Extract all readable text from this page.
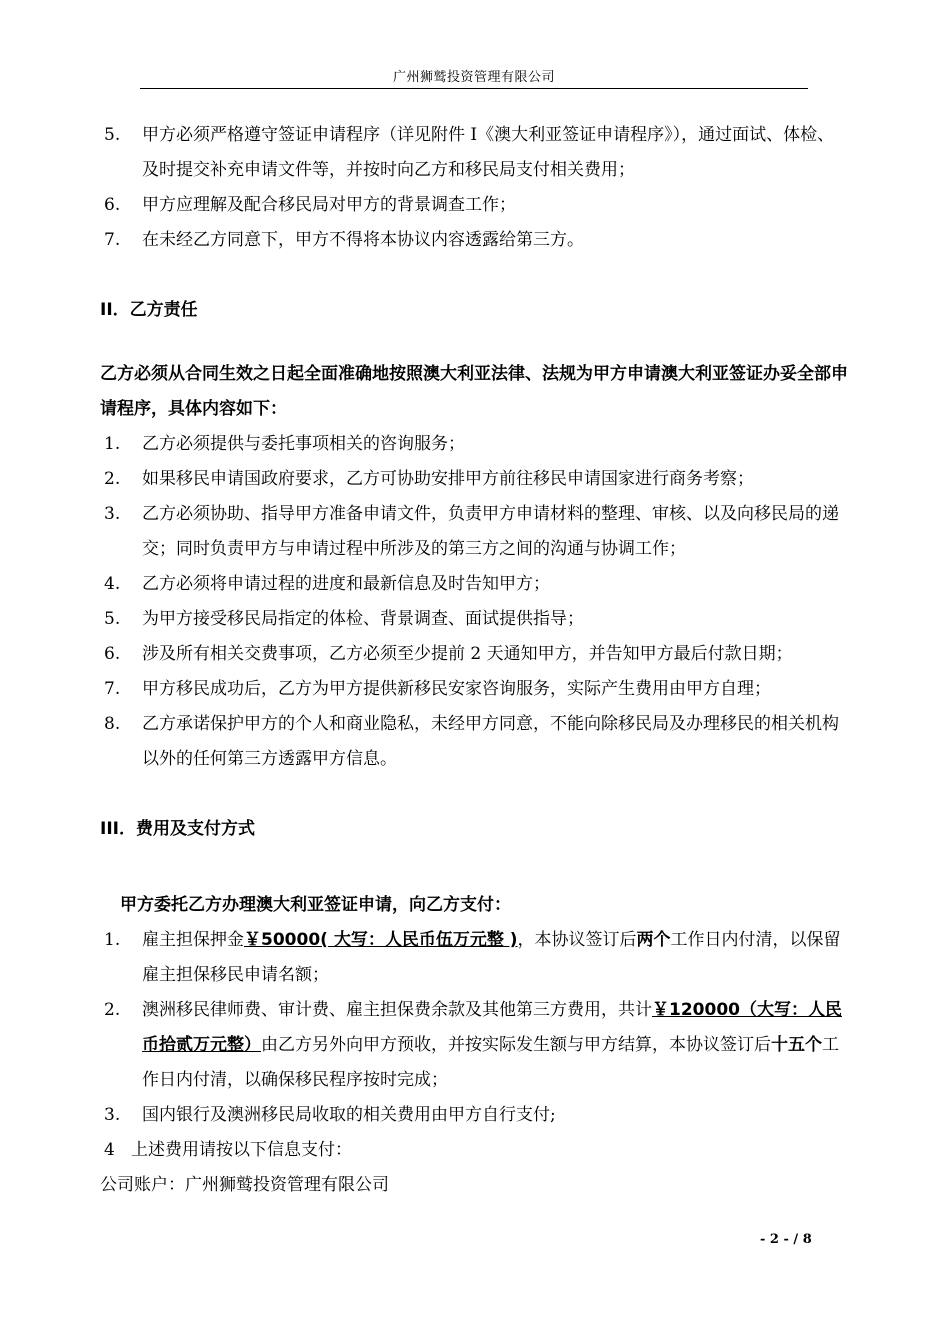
广州狮鹫投资管理有限公司
5. 甲方必须严格遵守签证申请程序（详见附件 I《澳大利亚签证申请程序》），通过面试、体检、及时提交补充申请文件等，并按时向乙方和移民局支付相关费用；
6. 甲方应理解及配合移民局对甲方的背景调查工作；
7. 在未经乙方同意下，甲方不得将本协议内容透露给第三方。
II．乙方责任
乙方必须从合同生效之日起全面准确地按照澳大利亚法律、法规为甲方申请澳大利亚签证办妥全部申请程序，具体内容如下：
1. 乙方必须提供与委托事项相关的咨询服务；
2. 如果移民申请国政府要求，乙方可协助安排甲方前往移民申请国家进行商务考察；
3. 乙方必须协助、指导甲方准备申请文件，负责甲方申请材料的整理、审核、以及向移民局的递交；同时负责甲方与申请过程中所涉及的第三方之间的沟通与协调工作；
4. 乙方必须将申请过程的进度和最新信息及时告知甲方；
5. 为甲方接受移民局指定的体检、背景调查、面试提供指导；
6. 涉及所有相关交费事项，乙方必须至少提前 2 天通知甲方，并告知甲方最后付款日期；
7. 甲方移民成功后，乙方为甲方提供新移民安家咨询服务，实际产生费用由甲方自理；
8. 乙方承诺保护甲方的个人和商业隐私，未经甲方同意，不能向除移民局及办理移民的相关机构以外的任何第三方透露甲方信息。
III．费用及支付方式
甲方委托乙方办理澳大利亚签证申请，向乙方支付：
1. 雇主担保押金￥50000( 大写：人民币伍万元整 )，本协议签订后两个工作日内付清，以保留雇主担保移民申请名额；
2. 澳洲移民律师费、审计费、雇主担保费余款及其他第三方费用，共计￥120000（大写：人民币拾贰万元整）由乙方另外向甲方预收，并按实际发生额与甲方结算，本协议签订后十五个工作日内付清，以确保移民程序按时完成；
3. 国内银行及澳洲移民局收取的相关费用由甲方自行支付;
4 上述费用请按以下信息支付：
公司账户：广州狮鹫投资管理有限公司
- 2 - / 8
